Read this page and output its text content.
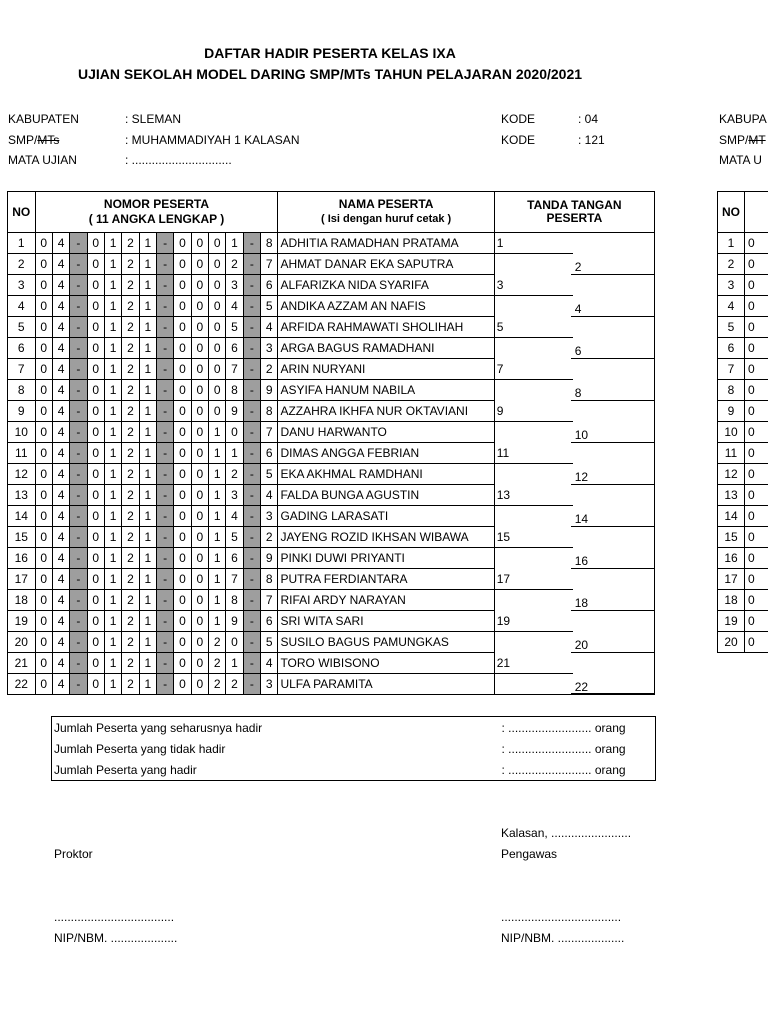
DAFTAR HADIR PESERTA KELAS IXA
UJIAN SEKOLAH MODEL DARING SMP/MTs TAHUN PELAJARAN 2020/2021
KABUPATEN	: SLEMAN
SMP/MTs	: MUHAMMADIYAH 1 KALASAN
MATA UJIAN	: ..............................
KODE	: 04
KODE	: 121
KABUPA
SMP/MT
MATA U
NO	NOMOR PESERTA
( 11 ANGKA LENGKAP )														NAMA PESERTA
( Isi dengan huruf cetak )	TANDA TANGAN
PESERTA

1	0	4	-	0	1	2	1	-	0	0	0	1	-	8	ADHITIA RAMADHAN PRATAMA	1

2	0	4	-	0	1	2	1	-	0	0	0	2	-	7	AHMAT DANAR EKA SAPUTRA	2

3	0	4	-	0	1	2	1	-	0	0	0	3	-	6	ALFARIZKA NIDA SYARIFA	3

4	0	4	-	0	1	2	1	-	0	0	0	4	-	5	ANDIKA AZZAM AN NAFIS	4

5	0	4	-	0	1	2	1	-	0	0	0	5	-	4	ARFIDA RAHMAWATI SHOLIHAH	5

6	0	4	-	0	1	2	1	-	0	0	0	6	-	3	ARGA BAGUS RAMADHANI	6

7	0	4	-	0	1	2	1	-	0	0	0	7	-	2	ARIN NURYANI	7

8	0	4	-	0	1	2	1	-	0	0	0	8	-	9	ASYIFA HANUM NABILA	8

9	0	4	-	0	1	2	1	-	0	0	0	9	-	8	AZZAHRA IKHFA NUR OKTAVIANI	9

10	0	4	-	0	1	2	1	-	0	0	1	0	-	7	DANU HARWANTO	10

11	0	4	-	0	1	2	1	-	0	0	1	1	-	6	DIMAS ANGGA FEBRIAN	11

12	0	4	-	0	1	2	1	-	0	0	1	2	-	5	EKA AKHMAL RAMDHANI	12

13	0	4	-	0	1	2	1	-	0	0	1	3	-	4	FALDA BUNGA AGUSTIN	13

14	0	4	-	0	1	2	1	-	0	0	1	4	-	3	GADING LARASATI	14

15	0	4	-	0	1	2	1	-	0	0	1	5	-	2	JAYENG ROZID IKHSAN WIBAWA	15

16	0	4	-	0	1	2	1	-	0	0	1	6	-	9	PINKI DUWI PRIYANTI	16

17	0	4	-	0	1	2	1	-	0	0	1	7	-	8	PUTRA FERDIANTARA	17

18	0	4	-	0	1	2	1	-	0	0	1	8	-	7	RIFAI ARDY NARAYAN	18

19	0	4	-	0	1	2	1	-	0	0	1	9	-	6	SRI WITA SARI	19

20	0	4	-	0	1	2	1	-	0	0	2	0	-	5	SUSILO BAGUS PAMUNGKAS	20

21	0	4	-	0	1	2	1	-	0	0	2	1	-	4	TORO WIBISONO	21

22	0	4	-	0	1	2	1	-	0	0	2	2	-	3	ULFA PARAMITA	22
NO	
1	0
2	0
3	0
4	0
5	0
6	0
7	0
8	0
9	0
10	0
11	0
12	0
13	0
14	0
15	0
16	0
17	0
18	0
19	0
20	0
Jumlah Peserta yang seharusnya hadir	: ......................... orang
Jumlah Peserta yang tidak hadir	: ......................... orang
Jumlah Peserta yang hadir	: ......................... orang
Kalasan, ........................
Proktor	Pengawas
....................................	....................................
NIP/NBM. ....................	NIP/NBM. ....................
